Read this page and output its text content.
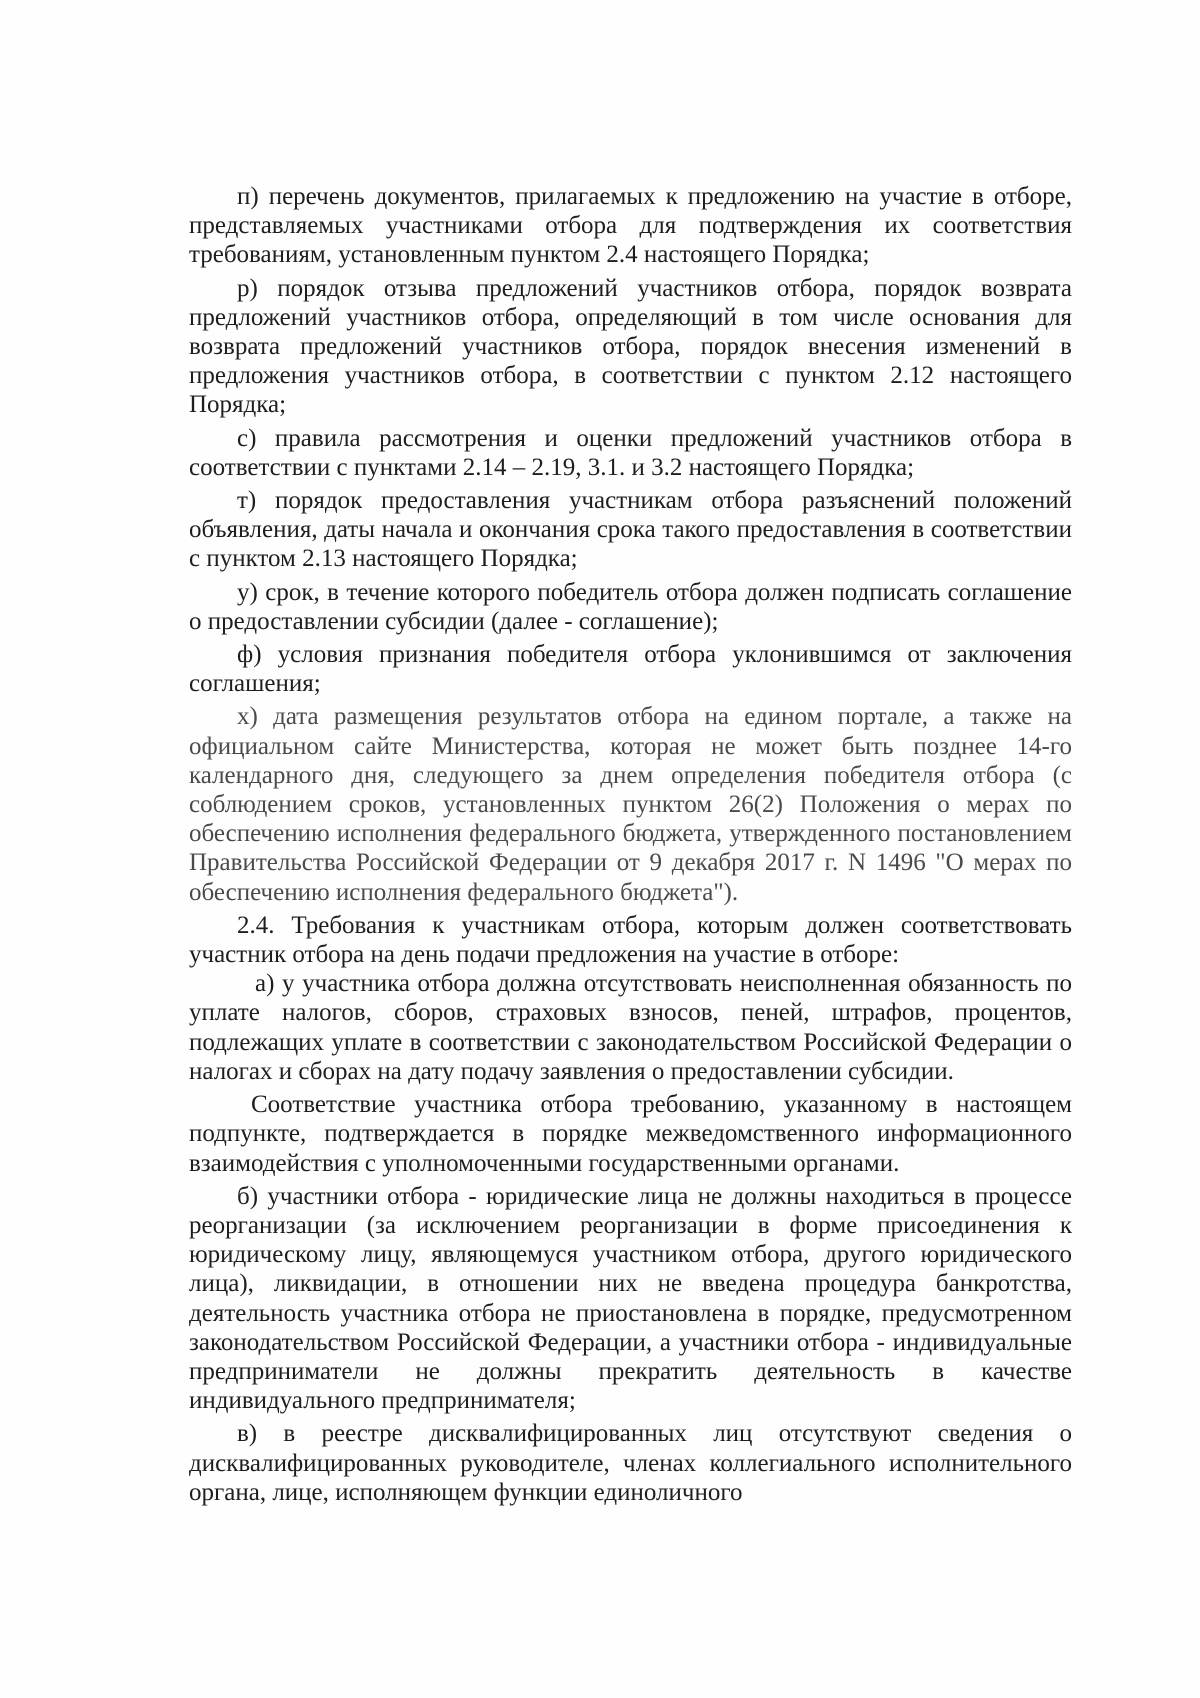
п) перечень документов, прилагаемых к предложению на участие в отборе, представляемых участниками отбора для подтверждения их соответствия требованиям, установленным пунктом 2.4 настоящего Порядка;

р) порядок отзыва предложений участников отбора, порядок возврата предложений участников отбора, определяющий в том числе основания для возврата предложений участников отбора, порядок внесения изменений в предложения участников отбора, в соответствии с пунктом 2.12 настоящего Порядка;

с) правила рассмотрения и оценки предложений участников отбора в соответствии с пунктами 2.14 – 2.19, 3.1. и 3.2 настоящего Порядка;

т) порядок предоставления участникам отбора разъяснений положений объявления, даты начала и окончания срока такого предоставления в соответствии с пунктом 2.13 настоящего Порядка;

у) срок, в течение которого победитель отбора должен подписать соглашение о предоставлении субсидии (далее - соглашение);

ф) условия признания победителя отбора уклонившимся от заключения соглашения;

х) дата размещения результатов отбора на едином портале, а также на официальном сайте Министерства, которая не может быть позднее 14-го календарного дня, следующего за днем определения победителя отбора (с соблюдением сроков, установленных пунктом 26(2) Положения о мерах по обеспечению исполнения федерального бюджета, утвержденного постановлением Правительства Российской Федерации от 9 декабря 2017 г. N 1496 "О мерах по обеспечению исполнения федерального бюджета").

2.4. Требования к участникам отбора, которым должен соответствовать участник отбора на день подачи предложения на участие в отборе:

а) у участника отбора должна отсутствовать неисполненная обязанность по уплате налогов, сборов, страховых взносов, пеней, штрафов, процентов, подлежащих уплате в соответствии с законодательством Российской Федерации о налогах и сборах на дату подачу заявления о предоставлении субсидии.

Соответствие участника отбора требованию, указанному в настоящем подпункте, подтверждается в порядке межведомственного информационного взаимодействия с уполномоченными государственными органами.

б) участники отбора - юридические лица не должны находиться в процессе реорганизации (за исключением реорганизации в форме присоединения к юридическому лицу, являющемуся участником отбора, другого юридического лица), ликвидации, в отношении них не введена процедура банкротства, деятельность участника отбора не приостановлена в порядке, предусмотренном законодательством Российской Федерации, а участники отбора - индивидуальные предприниматели не должны прекратить деятельность в качестве индивидуального предпринимателя;

в) в реестре дисквалифицированных лиц отсутствуют сведения о дисквалифицированных руководителе, членах коллегиального исполнительного органа, лице, исполняющем функции единоличного
